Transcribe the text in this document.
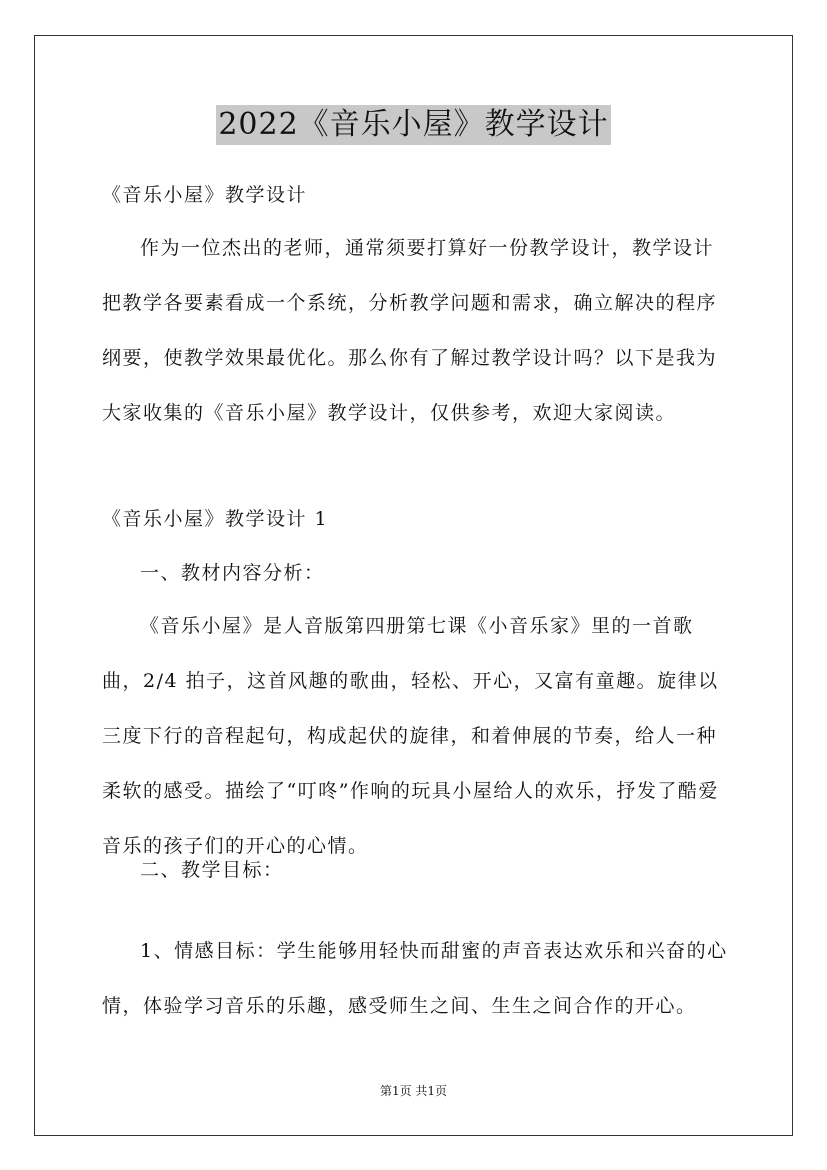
2022《音乐小屋》教学设计

《音乐小屋》教学设计

作为一位杰出的老师，通常须要打算好一份教学设计，教学设计把教学各要素看成一个系统，分析教学问题和需求，确立解决的程序纲要，使教学效果最优化。那么你有了解过教学设计吗？以下是我为大家收集的《音乐小屋》教学设计，仅供参考，欢迎大家阅读。

《音乐小屋》教学设计 1

一、教材内容分析：

《音乐小屋》是人音版第四册第七课《小音乐家》里的一首歌曲，2/4 拍子，这首风趣的歌曲，轻松、开心，又富有童趣。旋律以三度下行的音程起句，构成起伏的旋律，和着伸展的节奏，给人一种柔软的感受。描绘了“叮咚”作响的玩具小屋给人的欢乐，抒发了酷爱音乐的孩子们的开心的心情。

二、教学目标：

1、情感目标：学生能够用轻快而甜蜜的声音表达欢乐和兴奋的心情，体验学习音乐的乐趣，感受师生之间、生生之间合作的开心。

第1页 共1页
